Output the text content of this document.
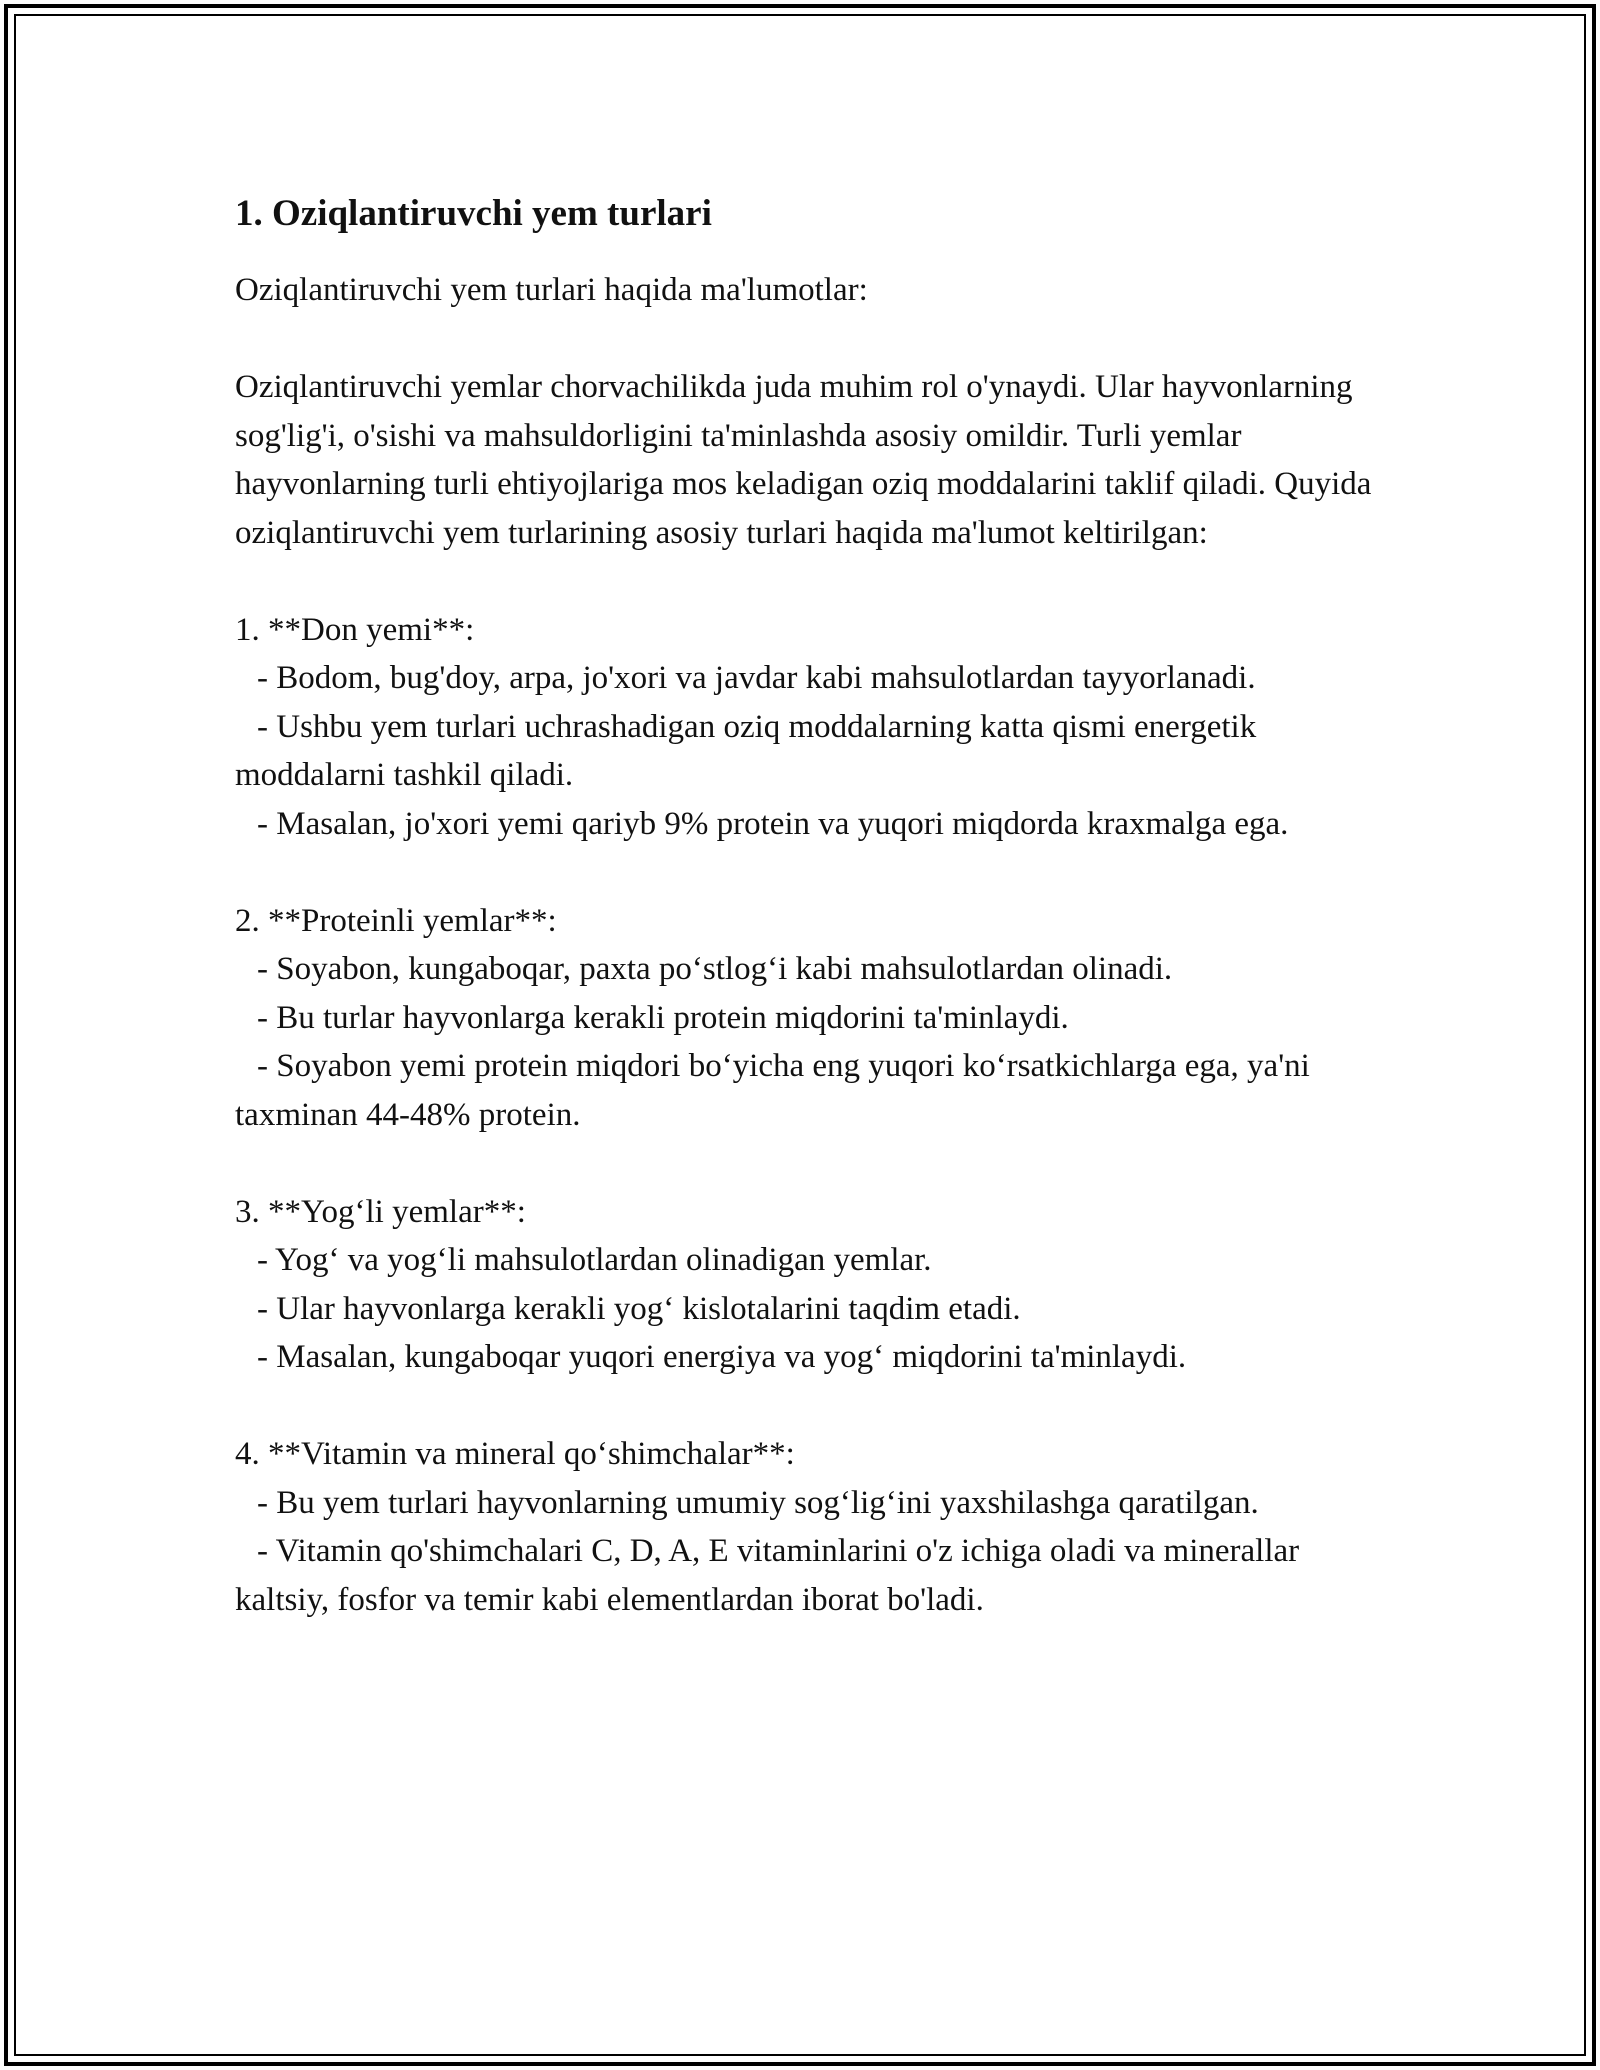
1. Oziqlantiruvchi yem turlari

Oziqlantiruvchi yem turlari haqida ma'lumotlar:

Oziqlantiruvchi yemlar chorvachilikda juda muhim rol o'ynaydi. Ular hayvonlarning sog'lig'i, o'sishi va mahsuldorligini ta'minlashda asosiy omildir. Turli yemlar hayvonlarning turli ehtiyojlariga mos keladigan oziq moddalarini taklif qiladi. Quyida oziqlantiruvchi yem turlarining asosiy turlari haqida ma'lumot keltirilgan:

1. **Don yemi**:

- Bodom, bug'doy, arpa, jo'xori va javdar kabi mahsulotlardan tayyorlanadi.

- Ushbu yem turlari uchrashadigan oziq moddalarning katta qismi energetik moddalarni tashkil qiladi.

- Masalan, jo'xori yemi qariyb 9% protein va yuqori miqdorda kraxmalga ega.

2. **Proteinli yemlar**:

- Soyabon, kungaboqar, paxta po‘stlog‘i kabi mahsulotlardan olinadi.

- Bu turlar hayvonlarga kerakli protein miqdorini ta'minlaydi.

- Soyabon yemi protein miqdori bo‘yicha eng yuqori ko‘rsatkichlarga ega, ya'ni taxminan 44-48% protein.

3. **Yog‘li yemlar**:

- Yog‘ va yog‘li mahsulotlardan olinadigan yemlar.

- Ular hayvonlarga kerakli yog‘ kislotalarini taqdim etadi.

- Masalan, kungaboqar yuqori energiya va yog‘ miqdorini ta'minlaydi.

4. **Vitamin va mineral qo‘shimchalar**:

- Bu yem turlari hayvonlarning umumiy sog‘lig‘ini yaxshilashga qaratilgan.

- Vitamin qo'shimchalari C, D, A, E vitaminlarini o'z ichiga oladi va minerallar kaltsiy, fosfor va temir kabi elementlardan iborat bo'ladi.
